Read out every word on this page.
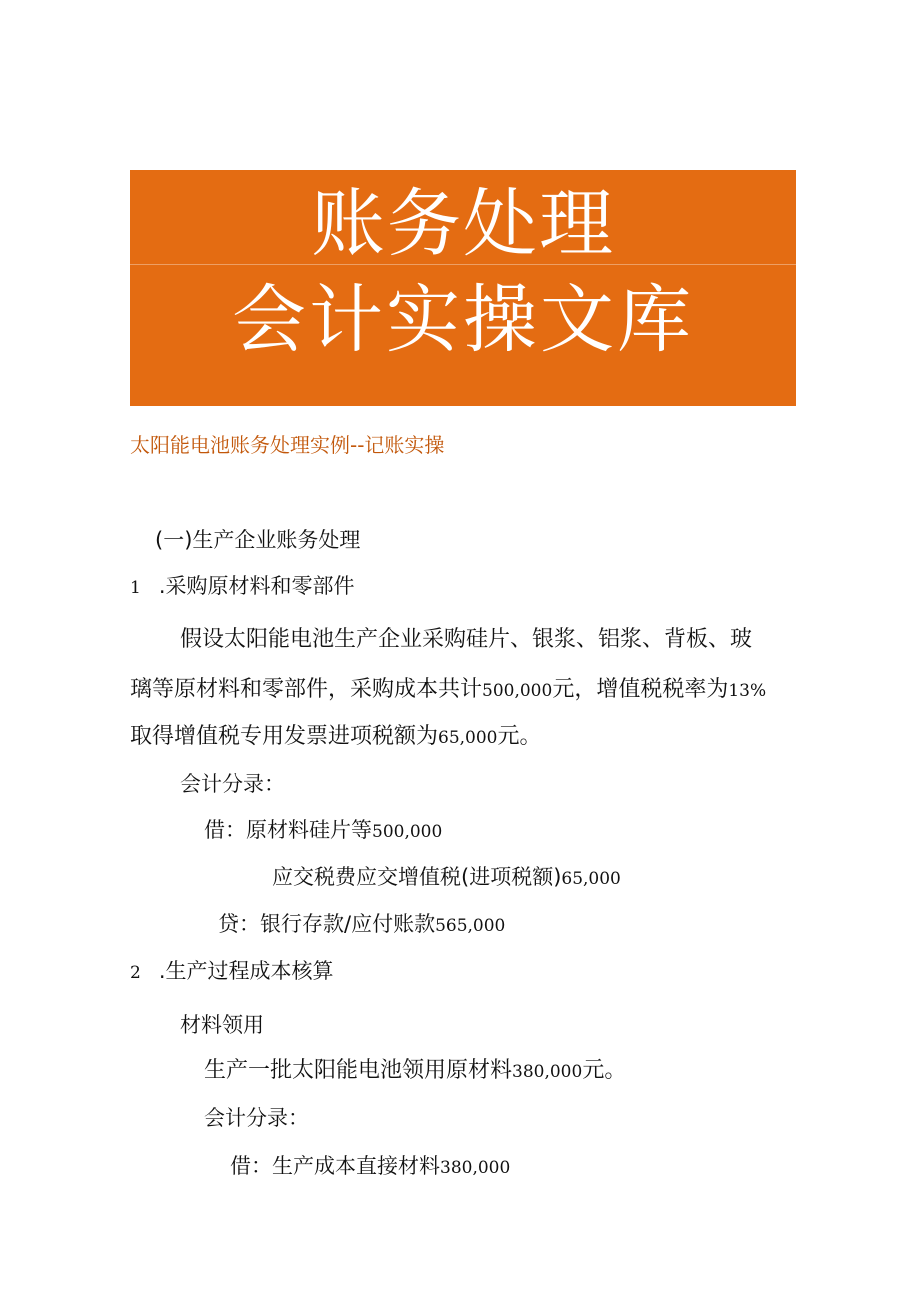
账务处理
会计实操文库
太阳能电池账务处理实例--记账实操
(一)生产企业账务处理
1 .采购原材料和零部件
假设太阳能电池生产企业采购硅片、银浆、铝浆、背板、玻
璃等原材料和零部件，采购成本共计500,000元，增值税税率为13%
取得增值税专用发票进项税额为65,000元。
会计分录：
借：原材料硅片等500,000
应交税费应交增值税(进项税额)65,000
贷：银行存款/应付账款565,000
2 .生产过程成本核算
材料领用
生产一批太阳能电池领用原材料380,000元。
会计分录：
借：生产成本直接材料380,000
